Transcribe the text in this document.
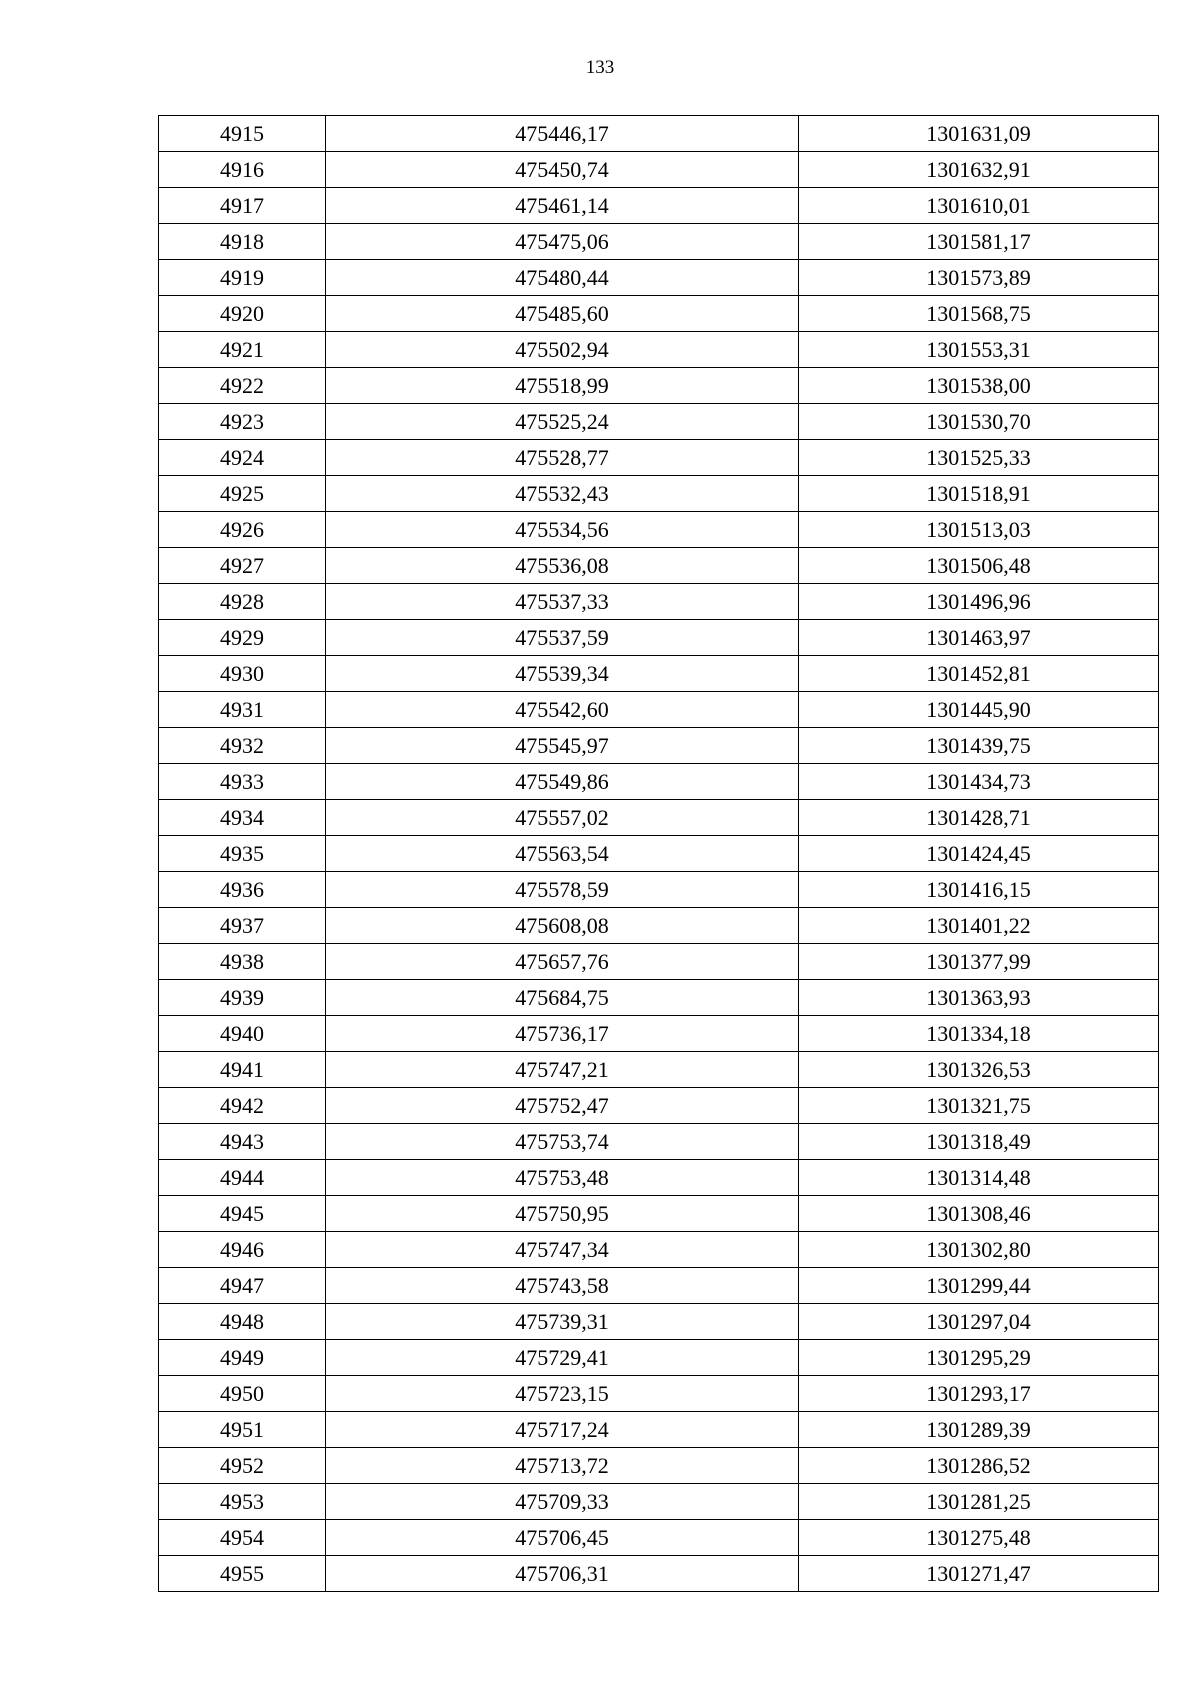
133
4915	475446,17	1301631,09
4916	475450,74	1301632,91
4917	475461,14	1301610,01
4918	475475,06	1301581,17
4919	475480,44	1301573,89
4920	475485,60	1301568,75
4921	475502,94	1301553,31
4922	475518,99	1301538,00
4923	475525,24	1301530,70
4924	475528,77	1301525,33
4925	475532,43	1301518,91
4926	475534,56	1301513,03
4927	475536,08	1301506,48
4928	475537,33	1301496,96
4929	475537,59	1301463,97
4930	475539,34	1301452,81
4931	475542,60	1301445,90
4932	475545,97	1301439,75
4933	475549,86	1301434,73
4934	475557,02	1301428,71
4935	475563,54	1301424,45
4936	475578,59	1301416,15
4937	475608,08	1301401,22
4938	475657,76	1301377,99
4939	475684,75	1301363,93
4940	475736,17	1301334,18
4941	475747,21	1301326,53
4942	475752,47	1301321,75
4943	475753,74	1301318,49
4944	475753,48	1301314,48
4945	475750,95	1301308,46
4946	475747,34	1301302,80
4947	475743,58	1301299,44
4948	475739,31	1301297,04
4949	475729,41	1301295,29
4950	475723,15	1301293,17
4951	475717,24	1301289,39
4952	475713,72	1301286,52
4953	475709,33	1301281,25
4954	475706,45	1301275,48
4955	475706,31	1301271,47
